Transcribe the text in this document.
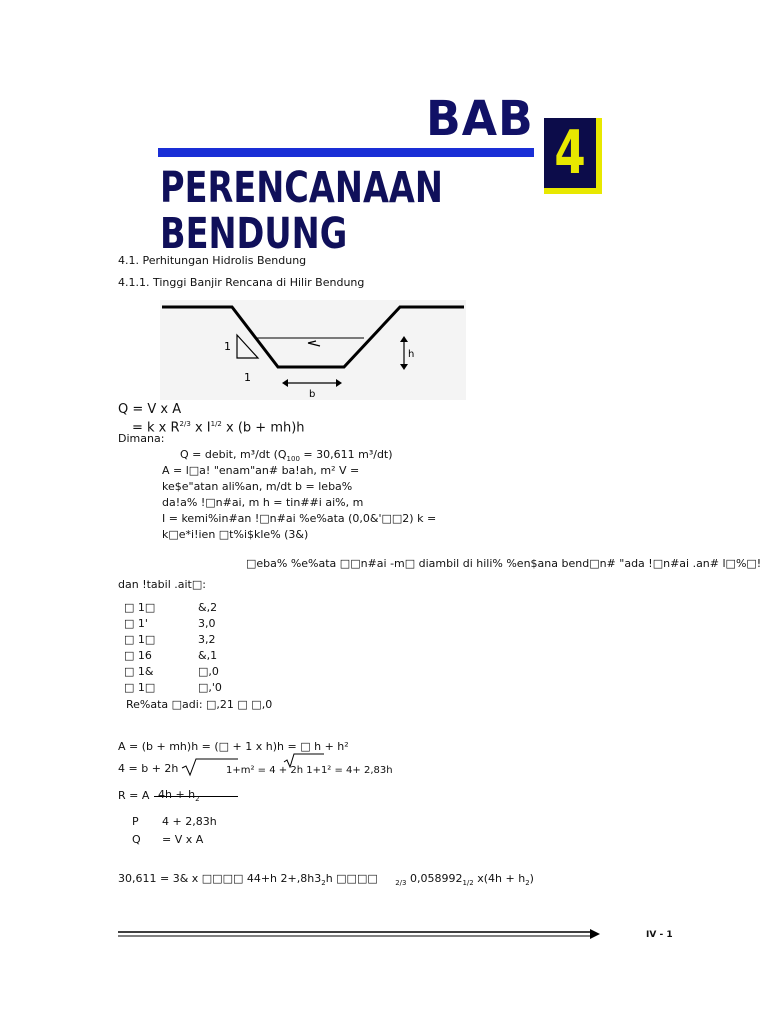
BAB
PERENCANAAN BENDUNG
4
4.1. Perhitungan Hidrolis Bendung
4.1.1. Tinggi Banjir Rencana di Hilir Bendung
1
1
h
b
Q = V x A
= k x $R^{2/3}$ x $I^{1/2}$ x (b + mh)h
Dimana:
Q = debit, m³/dt ($Q_{100} = 30,611$ m³/dt)
A = l□a! "enam"an# ba!ah, m² V =
ke$e"atan ali%an, m/dt b = leba%
da!a% !□n#ai, m h = tin##i ai%, m
I = kemi%in#an !□n#ai %e%ata (0,0&'□□2) k =
k□e*i!ien □t%i$kle% (3&)
□eba% %e%ata □□n#ai -m□ diambil di hili% %en$ana bend□n# "ada !□n#ai .an# l□%□!
dan !tabil .ait□:
□ 1□	&,2
□ 1'	3,0
□ 1□	3,2
□ 16	&,1
□ 1&	□,0
□ 1□	□,'0
Re%ata □adi: □,21 □ □,0
A = (b + mh)h = (□ + 1 x h)h = □ h + h²
4 = b + 2h	1+m² = 4 + 2h 1+1² = 4+ 2,83h
R = A $4h + h_2$
P 4 + 2,83h
Q = V x A
30,611 = 3& x □□□□ 44+h $2+,8h3_2h$ □□□□ $_{2/3}$ $0,058992_{1/2}$ $x(4h + h_2)$
IV - 1
